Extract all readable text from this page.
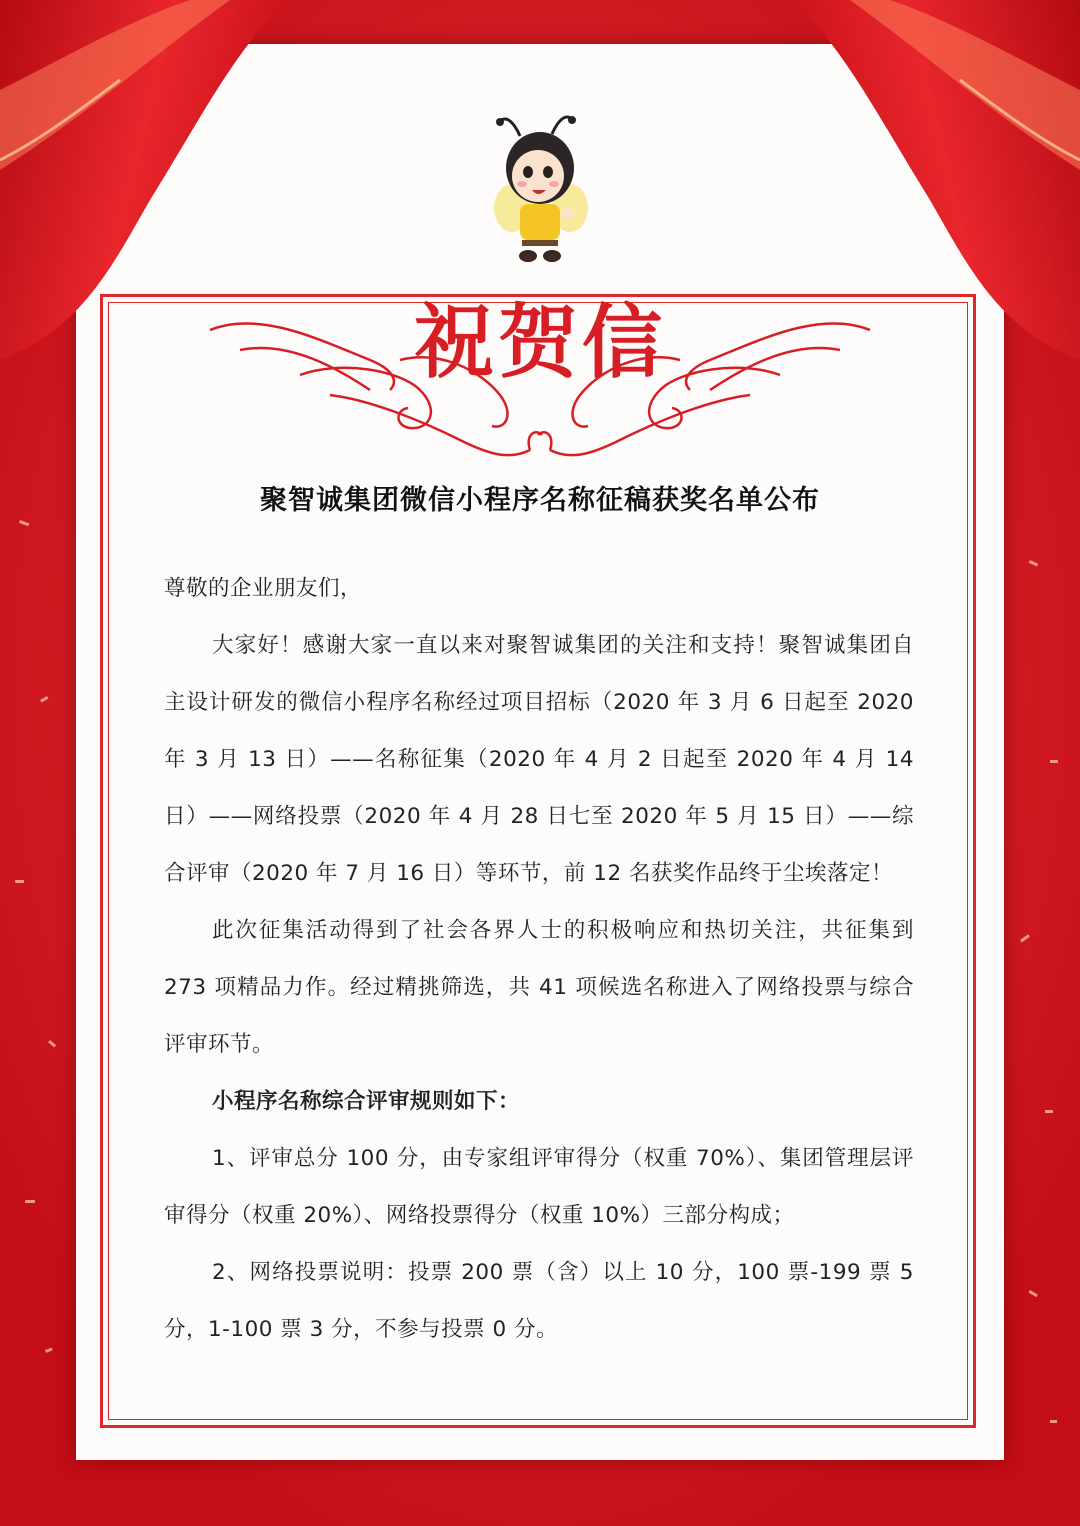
祝贺信
聚智诚集团微信小程序名称征稿获奖名单公布

尊敬的企业朋友们，

大家好！感谢大家一直以来对聚智诚集团的关注和支持！聚智诚集团自主设计研发的微信小程序名称经过项目招标（2020 年 3 月 6 日起至 2020 年 3 月 13 日）——名称征集（2020 年 4 月 2 日起至 2020 年 4 月 14 日）——网络投票（2020 年 4 月 28 日七至 2020 年 5 月 15 日）——综合评审（2020 年 7 月 16 日）等环节，前 12 名获奖作品终于尘埃落定！

此次征集活动得到了社会各界人士的积极响应和热切关注，共征集到 273 项精品力作。经过精挑筛选，共 41 项候选名称进入了网络投票与综合评审环节。

小程序名称综合评审规则如下：

1、评审总分 100 分，由专家组评审得分（权重 70%）、集团管理层评审得分（权重 20%）、网络投票得分（权重 10%）三部分构成；

2、网络投票说明：投票 200 票（含）以上 10 分，100 票-199 票 5 分，1-100 票 3 分，不参与投票 0 分。
